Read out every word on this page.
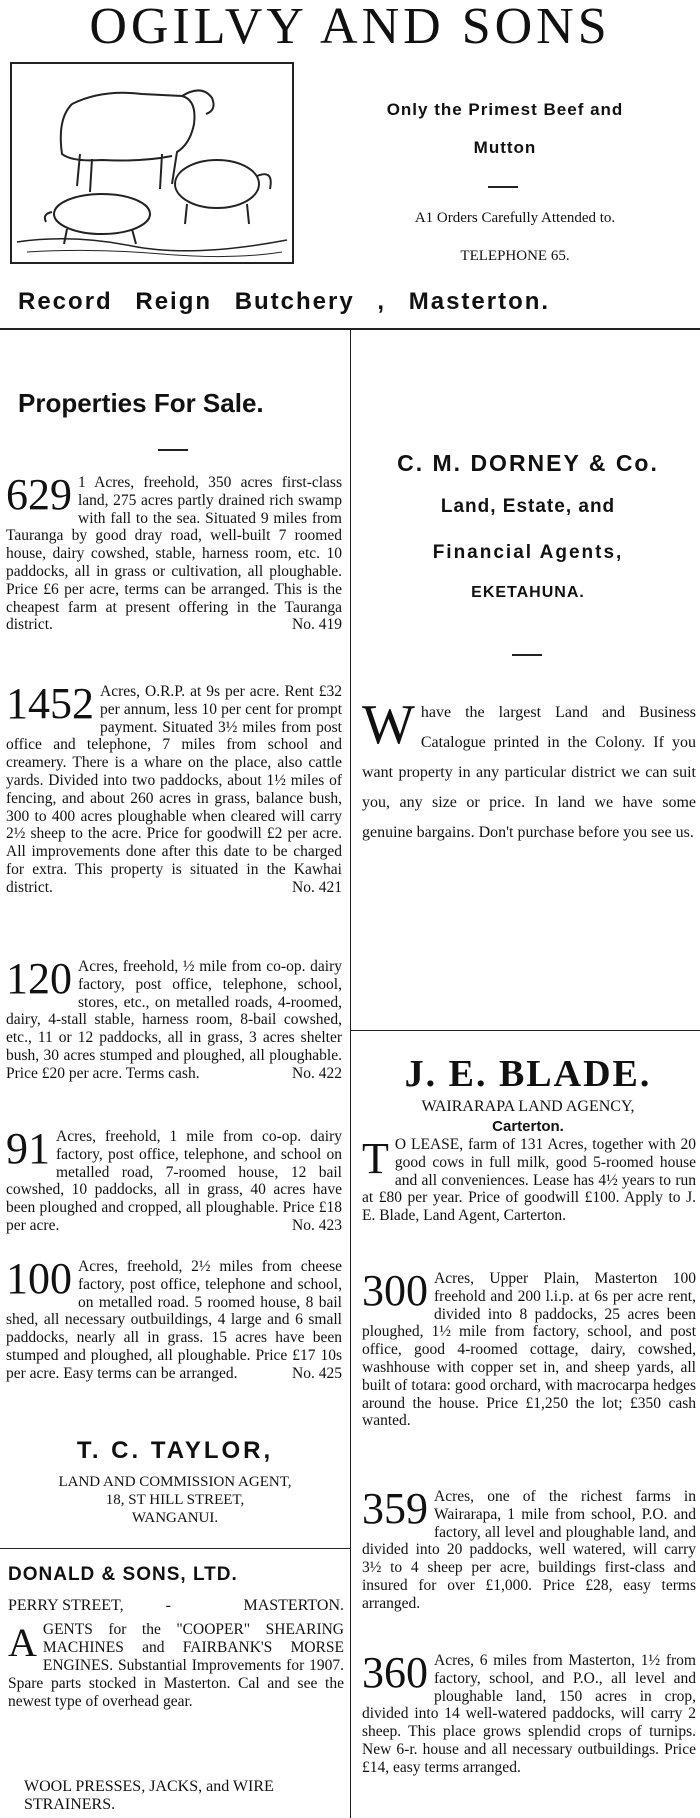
OGILVY AND SONS
Only the Primest Beef and
Mutton
A1 Orders Carefully Attended to.
TELEPHONE 65.
Record Reign Butchery , Masterton.
Properties For Sale.
629 1 Acres, freehold, 350 acres first-class land, 275 acres partly drained rich swamp with fall to the sea. Situated 9 miles from Tauranga by good dray road, well-built 7 roomed house, dairy cowshed, stable, harness room, etc. 10 paddocks, all in grass or cultivation, all ploughable. Price £6 per acre, terms can be arranged. This is the cheapest farm at present offering in the Tauranga district.	No. 419
1452 Acres, O.R.P. at 9s per acre. Rent £32 per annum, less 10 per cent for prompt payment. Situated 3½ miles from post office and telephone, 7 miles from school and creamery. There is a whare on the place, also cattle yards. Divided into two paddocks, about 1½ miles of fencing, and about 260 acres in grass, balance bush, 300 to 400 acres ploughable when cleared will carry 2½ sheep to the acre. Price for goodwill £2 per acre. All improvements done after this date to be charged for extra. This property is situated in the Kawhai district.	No. 421
120 Acres, freehold, ½ mile from co-op. dairy factory, post office, telephone, school, stores, etc., on metalled roads, 4-roomed, dairy, 4-stall stable, harness room, 8-bail cowshed, etc., 11 or 12 paddocks, all in grass, 3 acres shelter bush, 30 acres stumped and ploughed, all ploughable. Price £20 per acre. Terms cash.	No. 422
91 Acres, freehold, 1 mile from co-op. dairy factory, post office, telephone, and school on metalled road, 7-roomed house, 12 bail cowshed, 10 paddocks, all in grass, 40 acres have been ploughed and cropped, all ploughable. Price £18 per acre.	No. 423
100 Acres, freehold, 2½ miles from cheese factory, post office, telephone and school, on metalled road. 5 roomed house, 8 bail shed, all necessary outbuildings, 4 large and 6 small paddocks, nearly all in grass. 15 acres have been stumped and ploughed, all ploughable. Price £17 10s per acre. Easy terms can be arranged.	No. 425
T. C. TAYLOR,
LAND AND COMMISSION AGENT,
18, ST HILL STREET,
WANGANUI.
DONALD & SONS, LTD.
PERRY STREET,	-	MASTERTON.
A GENTS for the "COOPER" SHEARING MACHINES and FAIRBANK'S MORSE ENGINES. Substantial Improvements for 1907. Spare parts stocked in Masterton. Cal and see the newest type of overhead gear.
WOOL PRESSES, JACKS, and WIRE STRAINERS.
C. M. DORNEY & Co.
Land, Estate, and
Financial Agents,
EKETAHUNA.
W have the largest Land and Business Catalogue printed in the Colony. If you want property in any particular district we can suit you, any size or price. In land we have some genuine bargains. Don't purchase before you see us.
J. E. BLADE.
WAIRARAPA LAND AGENCY,
Carterton.
T O LEASE, farm of 131 Acres, together with 20 good cows in full milk, good 5-roomed house and all conveniences. Lease has 4½ years to run at £80 per year. Price of goodwill £100. Apply to J. E. Blade, Land Agent, Carterton.
300 Acres, Upper Plain, Masterton 100 freehold and 200 l.i.p. at 6s per acre rent, divided into 8 paddocks, 25 acres been ploughed, 1½ mile from factory, school, and post office, good 4-roomed cottage, dairy, cowshed, washhouse with copper set in, and sheep yards, all built of totara: good orchard, with macrocarpa hedges around the house. Price £1,250 the lot; £350 cash wanted.
359 Acres, one of the richest farms in Wairarapa, 1 mile from school, P.O. and factory, all level and ploughable land, and divided into 20 paddocks, well watered, will carry 3½ to 4 sheep per acre, buildings first-class and insured for over £1,000. Price £28, easy terms arranged.
360 Acres, 6 miles from Masterton, 1½ from factory, school, and P.O., all level and ploughable land, 150 acres in crop, divided into 14 well-watered paddocks, will carry 2 sheep. This place grows splendid crops of turnips. New 6-r. house and all necessary outbuildings. Price £14, easy terms arranged.
